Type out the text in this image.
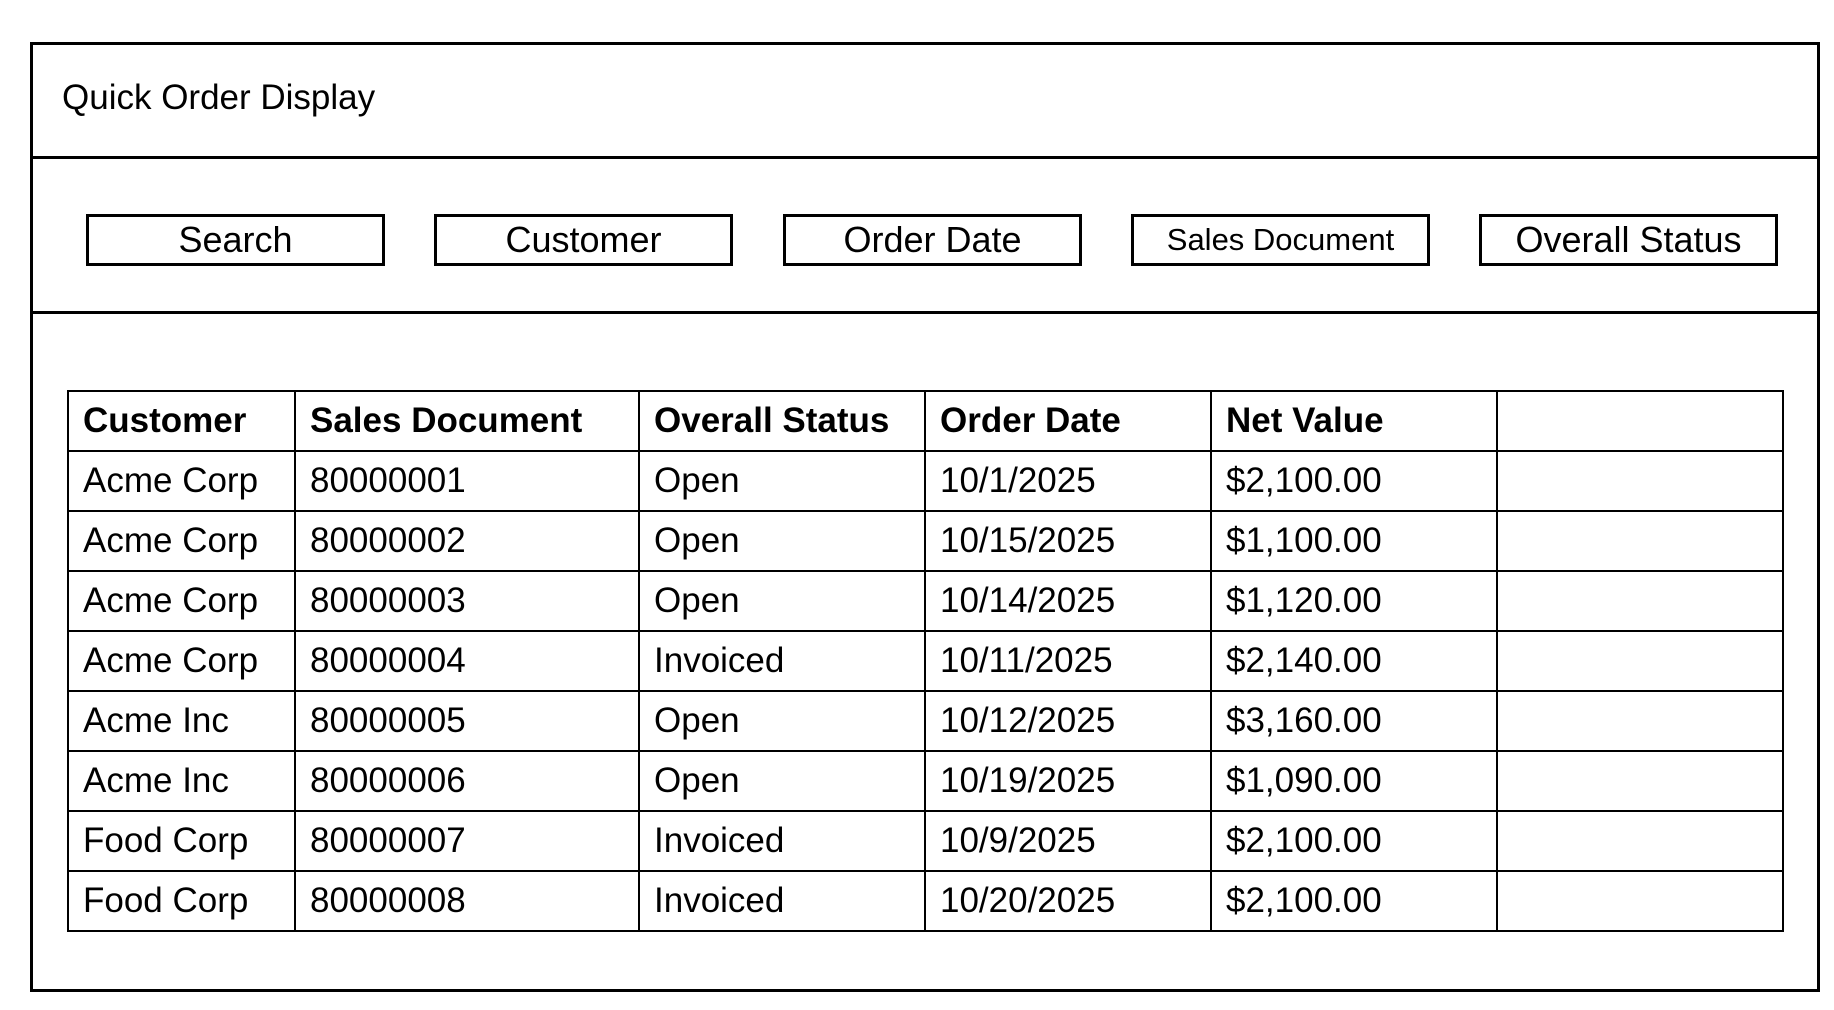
Quick Order Display
Search	Customer	Order Date	Sales Document	Overall Status
Customer	Sales Document	Overall Status	Order Date	Net Value	
Acme Corp	80000001	Open	10/1/2025	$2,100.00	
Acme Corp	80000002	Open	10/15/2025	$1,100.00	
Acme Corp	80000003	Open	10/14/2025	$1,120.00	
Acme Corp	80000004	Invoiced	10/11/2025	$2,140.00	
Acme Inc	80000005	Open	10/12/2025	$3,160.00	
Acme Inc	80000006	Open	10/19/2025	$1,090.00	
Food Corp	80000007	Invoiced	10/9/2025	$2,100.00	
Food Corp	80000008	Invoiced	10/20/2025	$2,100.00	
